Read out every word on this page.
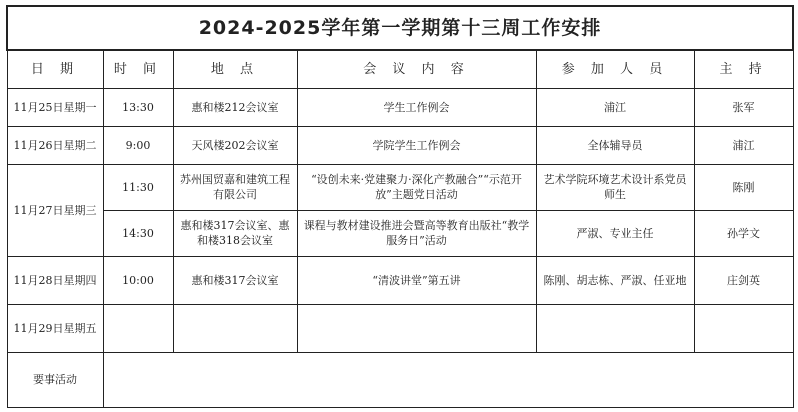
2024-2025学年第一学期第十三周工作安排					
日 期	时 间	地 点	会 议 内 容	参 加 人 员	主 持
11月25日星期一	13:30	惠和楼212会议室	学生工作例会	浦江	张军
11月26日星期二	9:00	天风楼202会议室	学院学生工作例会	全体辅导员	浦江
11月27日星期三	11:30	苏州国贸嘉和建筑工程有限公司	“设创未来·党建聚力·深化产教融合”“示范开放”主题党日活动	艺术学院环境艺术设计系党员师生	陈刚
	14:30	惠和楼317会议室、惠和楼318会议室	课程与教材建设推进会暨高等教育出版社“教学服务日”活动	严淑、专业主任	孙学文
11月28日星期四	10:00	惠和楼317会议室	“清波讲堂”第五讲	陈刚、胡志栋、严淑、任亚地	庄剑英
11月29日星期五					
要事活动					
